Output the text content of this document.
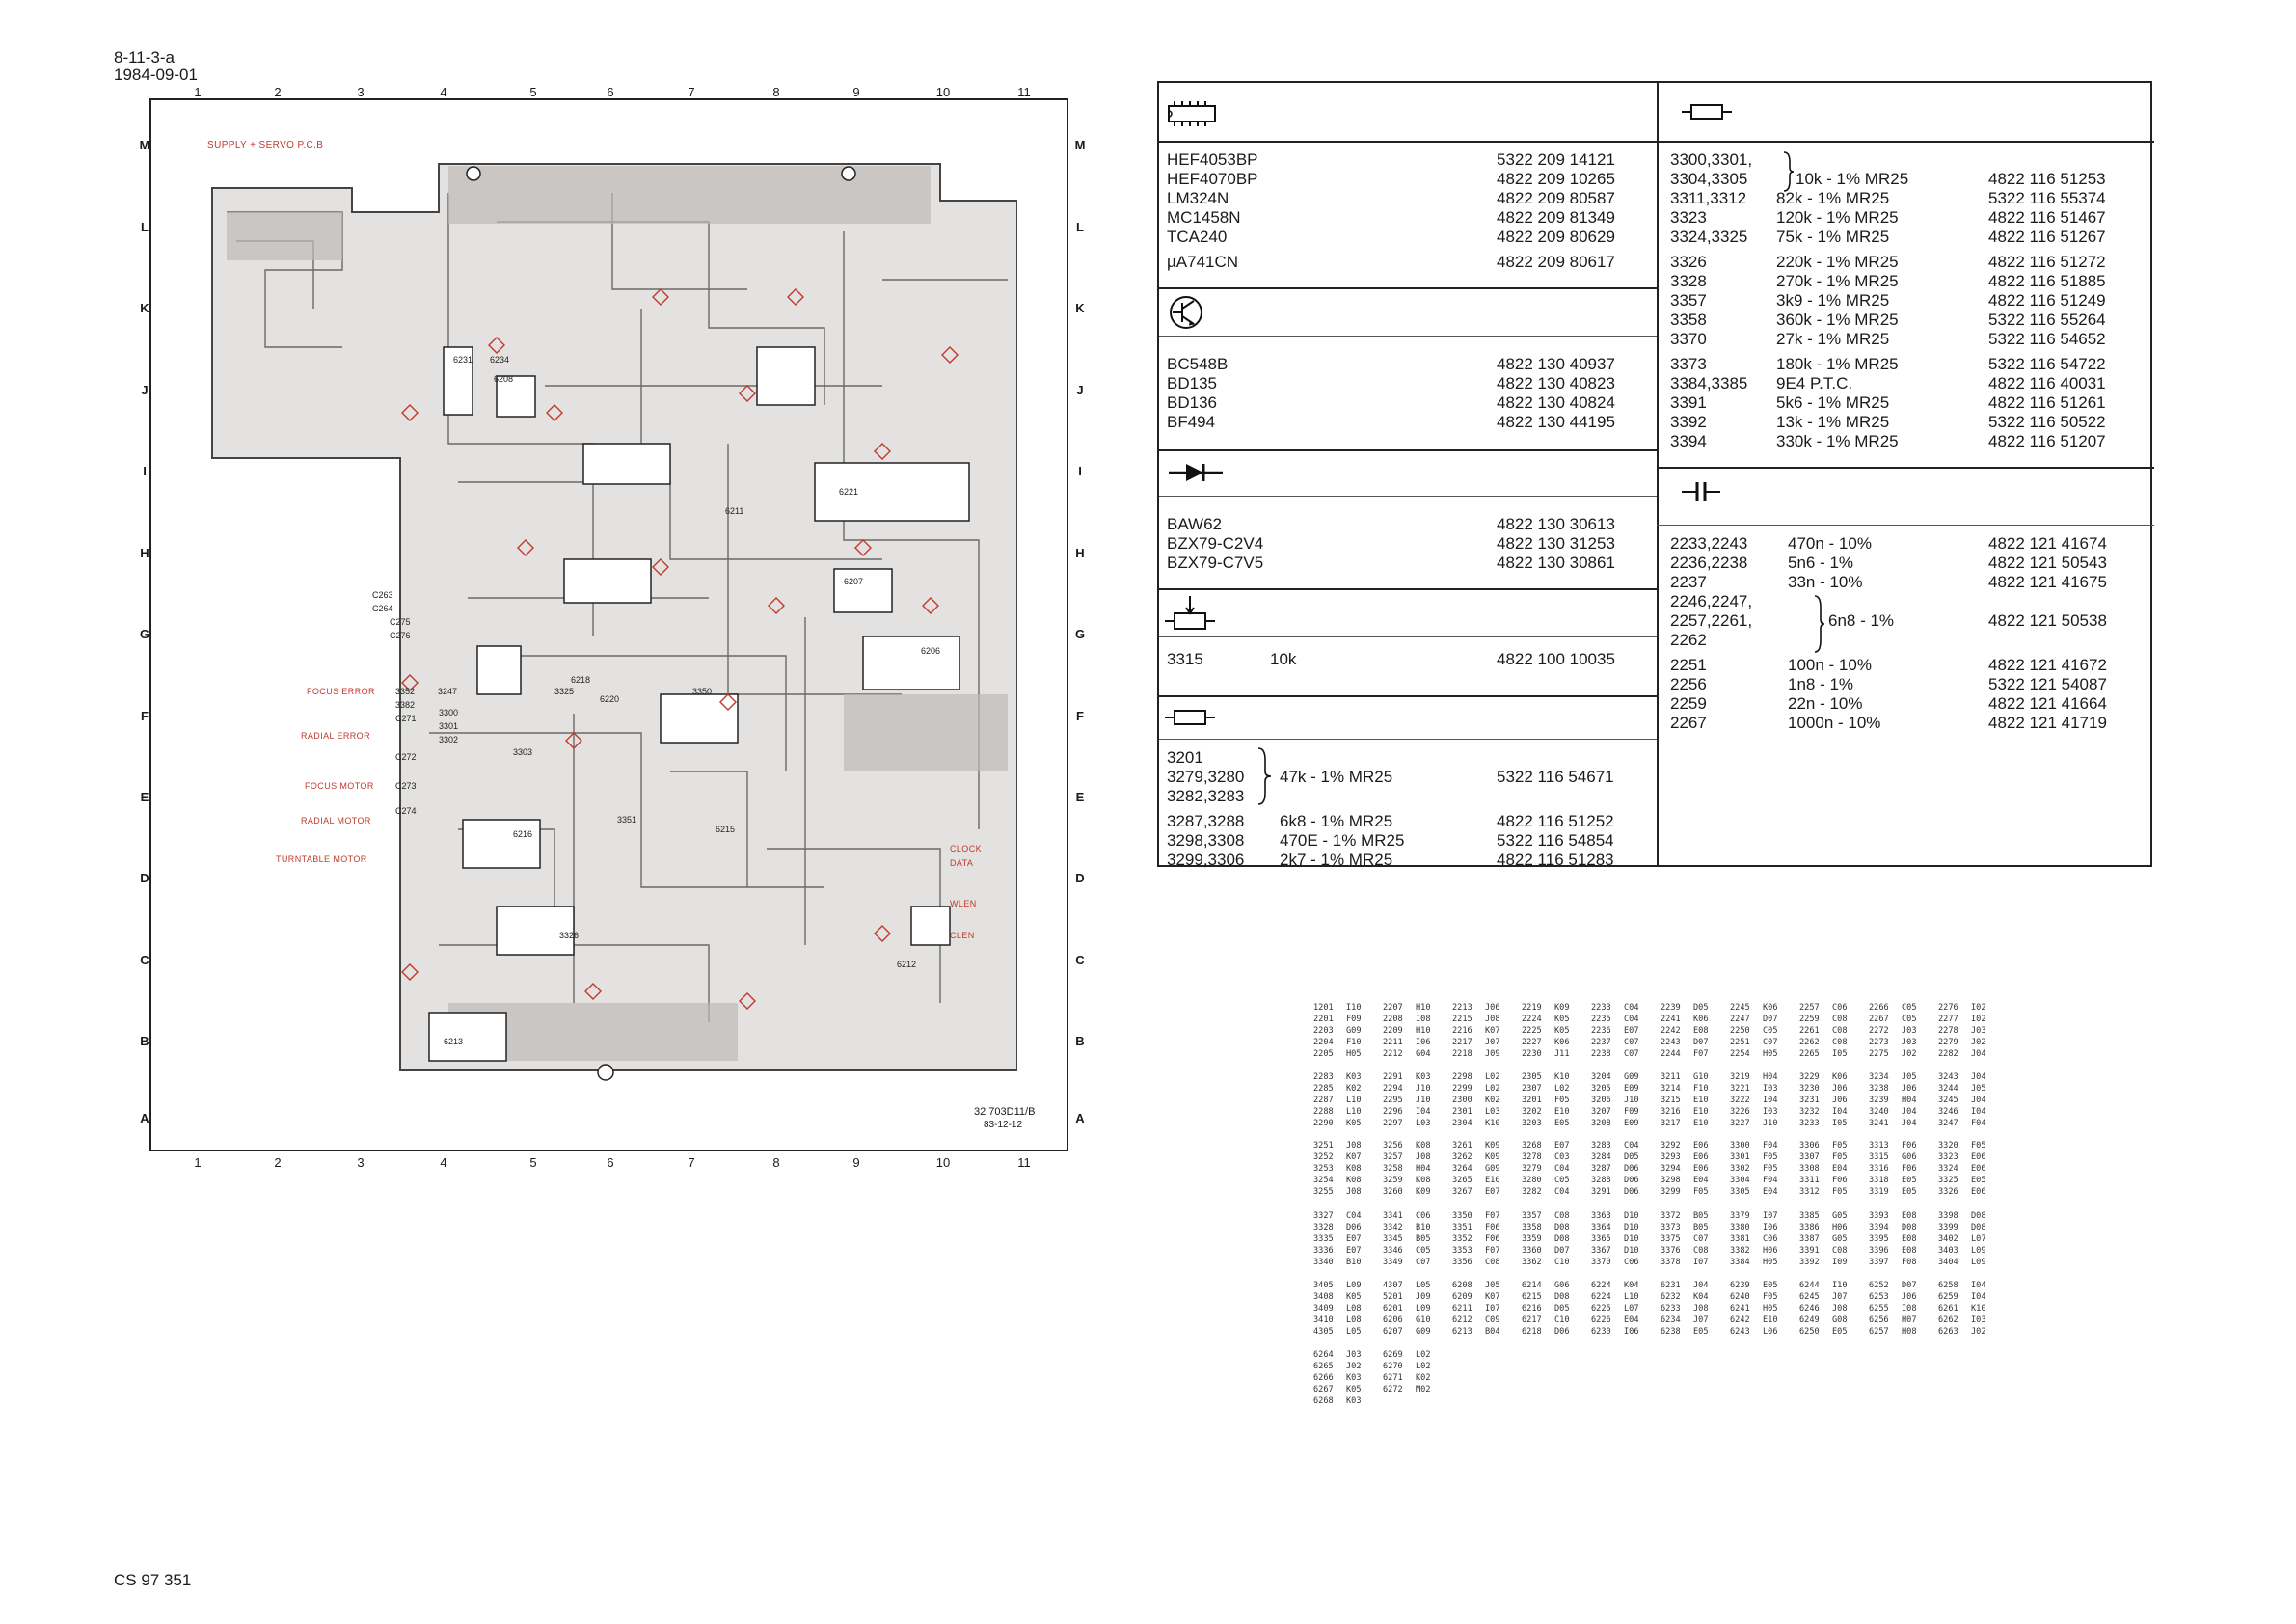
8-11-3-a
1984-09-01
CS 97 351
1	2	3	4	5	6	7	8	9	10	11
1	2	3	4	5	6	7	8	9	10	11
M
L
K
J
I
H
G
F
E
D
C
B
A
M
L
K
J
I
H
G
F
E
D
C
B
A
SUPPLY + SERVO P.C.B
FOCUS ERROR
RADIAL ERROR
FOCUS MOTOR
RADIAL MOTOR
TURNTABLE MOTOR
CLOCK
DATA
WLEN
CLEN
6208
6211
6213
6215
6216
6218
6220
6221
6206
6207
6212
6231 6234
3247
3300
3301
3302
3303
3325
3326
3350
3351
3352
3382
C271
C272
C273
C274
C275
C276
C263
C264
32 703D11/B
83-12-12
HEF4053BP	5322 209 14121
HEF4070BP	4822 209 10265
LM324N	4822 209 80587
MC1458N	4822 209 81349
TCA240	4822 209 80629
µA741CN	4822 209 80617
BC548B	4822 130 40937
BD135	4822 130 40823
BD136	4822 130 40824
BF494	4822 130 44195
BAW62	4822 130 30613
BZX79-C2V4	4822 130 31253
BZX79-C7V5	4822 130 30861
3315	10k	4822 100 10035
3201
3279,3280 47k - 1% MR25	5322 116 54671
3282,3283
3287,3288 6k8 - 1% MR25	4822 116 51252
3298,3308 470E - 1% MR25	5322 116 54854
3299,3306 2k7 - 1% MR25	4822 116 51283
3300,3301,
3304,3305	10k - 1% MR25	4822 116 51253
3311,3312 82k - 1% MR25	5322 116 55374
3323	120k - 1% MR25	4822 116 51467
3324,3325 75k - 1% MR25	4822 116 51267
3326	220k - 1% MR25	4822 116 51272
3328	270k - 1% MR25	4822 116 51885
3357	3k9 - 1% MR25	4822 116 51249
3358	360k - 1% MR25	5322 116 55264
3370	27k - 1% MR25	5322 116 54652
3373	180k - 1% MR25	5322 116 54722
3384,3385 9E4 P.T.C.	4822 116 40031
3391	5k6 - 1% MR25	4822 116 51261
3392	13k - 1% MR25	5322 116 50522
3394	330k - 1% MR25	4822 116 51207
2233,2243 470n - 10%	4822 121 41674
2236,2238 5n6 - 1%	4822 121 50543
2237	33n - 10%	4822 121 41675
2246,2247,
2257,2261,	6n8 - 1%	4822 121 50538
2262
2251	100n - 10%	4822 121 41672
2256	1n8 - 1%	5322 121 54087
2259	22n - 10%	4822 121 41664
2267	1000n - 10%	4822 121 41719
1201 I10
2201 F09
2203 G09
2204 F10
2205 H05
2207 H10
2208 I08
2209 H10
2211 I06
2212 G04
2213 J06
2215 J08
2216 K07
2217 J07
2218 J09
2219 K09
2224 K05
2225 K05
2227 K06
2230 J11
2233 C04
2235 C04
2236 E07
2237 C07
2238 C07
2239 D05
2241 K06
2242 E08
2243 D07
2244 F07
2245 K06
2247 D07
2250 C05
2251 C07
2254 H05
2257 C06
2259 C08
2261 C08
2262 C08
2265 I05
2266 C05
2267 C05
2272 J03
2273 J03
2275 J02
2276 I02
2277 I02
2278 J03
2279 J02
2282 J04
2283 K03
2285 K02
2287 L10
2288 L10
2290 K05
2291 K03
2294 J10
2295 J10
2296 I04
2297 L03
2298 L02
2299 L02
2300 K02
2301 L03
2304 K10
2305 K10
2307 L02
3201 F05
3202 E10
3203 E05
3204 G09
3205 E09
3206 J10
3207 F09
3208 E09
3211 G10
3214 F10
3215 E10
3216 E10
3217 E10
3219 H04
3221 I03
3222 I04
3226 I03
3227 J10
3229 K06
3230 J06
3231 J06
3232 I04
3233 I05
3234 J05
3238 J06
3239 H04
3240 J04
3241 J04
3243 J04
3244 J05
3245 J04
3246 I04
3247 F04
3251 J08
3252 K07
3253 K08
3254 K08
3255 J08
3256 K08
3257 J08
3258 H04
3259 K08
3260 K09
3261 K09
3262 K09
3264 G09
3265 E10
3267 E07
3268 E07
3278 C03
3279 C04
3280 C05
3282 C04
3283 C04
3284 D05
3287 D06
3288 D06
3291 D06
3292 E06
3293 E06
3294 E06
3298 E04
3299 F05
3300 F04
3301 F05
3302 F05
3304 F04
3305 E04
3306 F05
3307 F05
3308 E04
3311 F06
3312 F05
3313 F06
3315 G06
3316 F06
3318 E05
3319 E05
3320 F05
3323 E06
3324 E06
3325 E05
3326 E06
3327 C04
3328 D06
3335 E07
3336 E07
3340 B10
3341 C06
3342 B10
3345 B05
3346 C05
3349 C07
3350 F07
3351 F06
3352 F06
3353 F07
3356 C08
3357 C08
3358 D08
3359 D08
3360 D07
3362 C10
3363 D10
3364 D10
3365 D10
3367 D10
3370 C06
3372 B05
3373 B05
3375 C07
3376 C08
3378 I07
3379 I07
3380 I06
3381 C06
3382 H06
3384 H05
3385 G05
3386 H06
3387 G05
3391 C08
3392 I09
3393 E08
3394 D08
3395 E08
3396 E08
3397 F08
3398 D08
3399 D08
3402 L07
3403 L09
3404 L09
3405 L09
3408 K05
3409 L08
3410 L08
4305 L05
4307 L05
5201 J09
6201 L09
6206 G10
6207 G09
6208 J05
6209 K07
6211 I07
6212 C09
6213 B04
6214 G06
6215 D08
6216 D05
6217 C10
6218 D06
6224 K04
6224 L10
6225 L07
6226 E04
6230 I06
6231 J04
6232 K04
6233 J08
6234 J07
6238 E05
6239 E05
6240 F05
6241 H05
6242 E10
6243 L06
6244 I10
6245 J07
6246 J08
6249 G08
6250 E05
6252 D07
6253 J06
6255 I08
6256 H07
6257 H08
6258 I04
6259 I04
6261 K10
6262 I03
6263 J02
6264 J03
6265 J02
6266 K03
6267 K05
6268 K03
6269 L02
6270 L02
6271 K02
6272 M02
